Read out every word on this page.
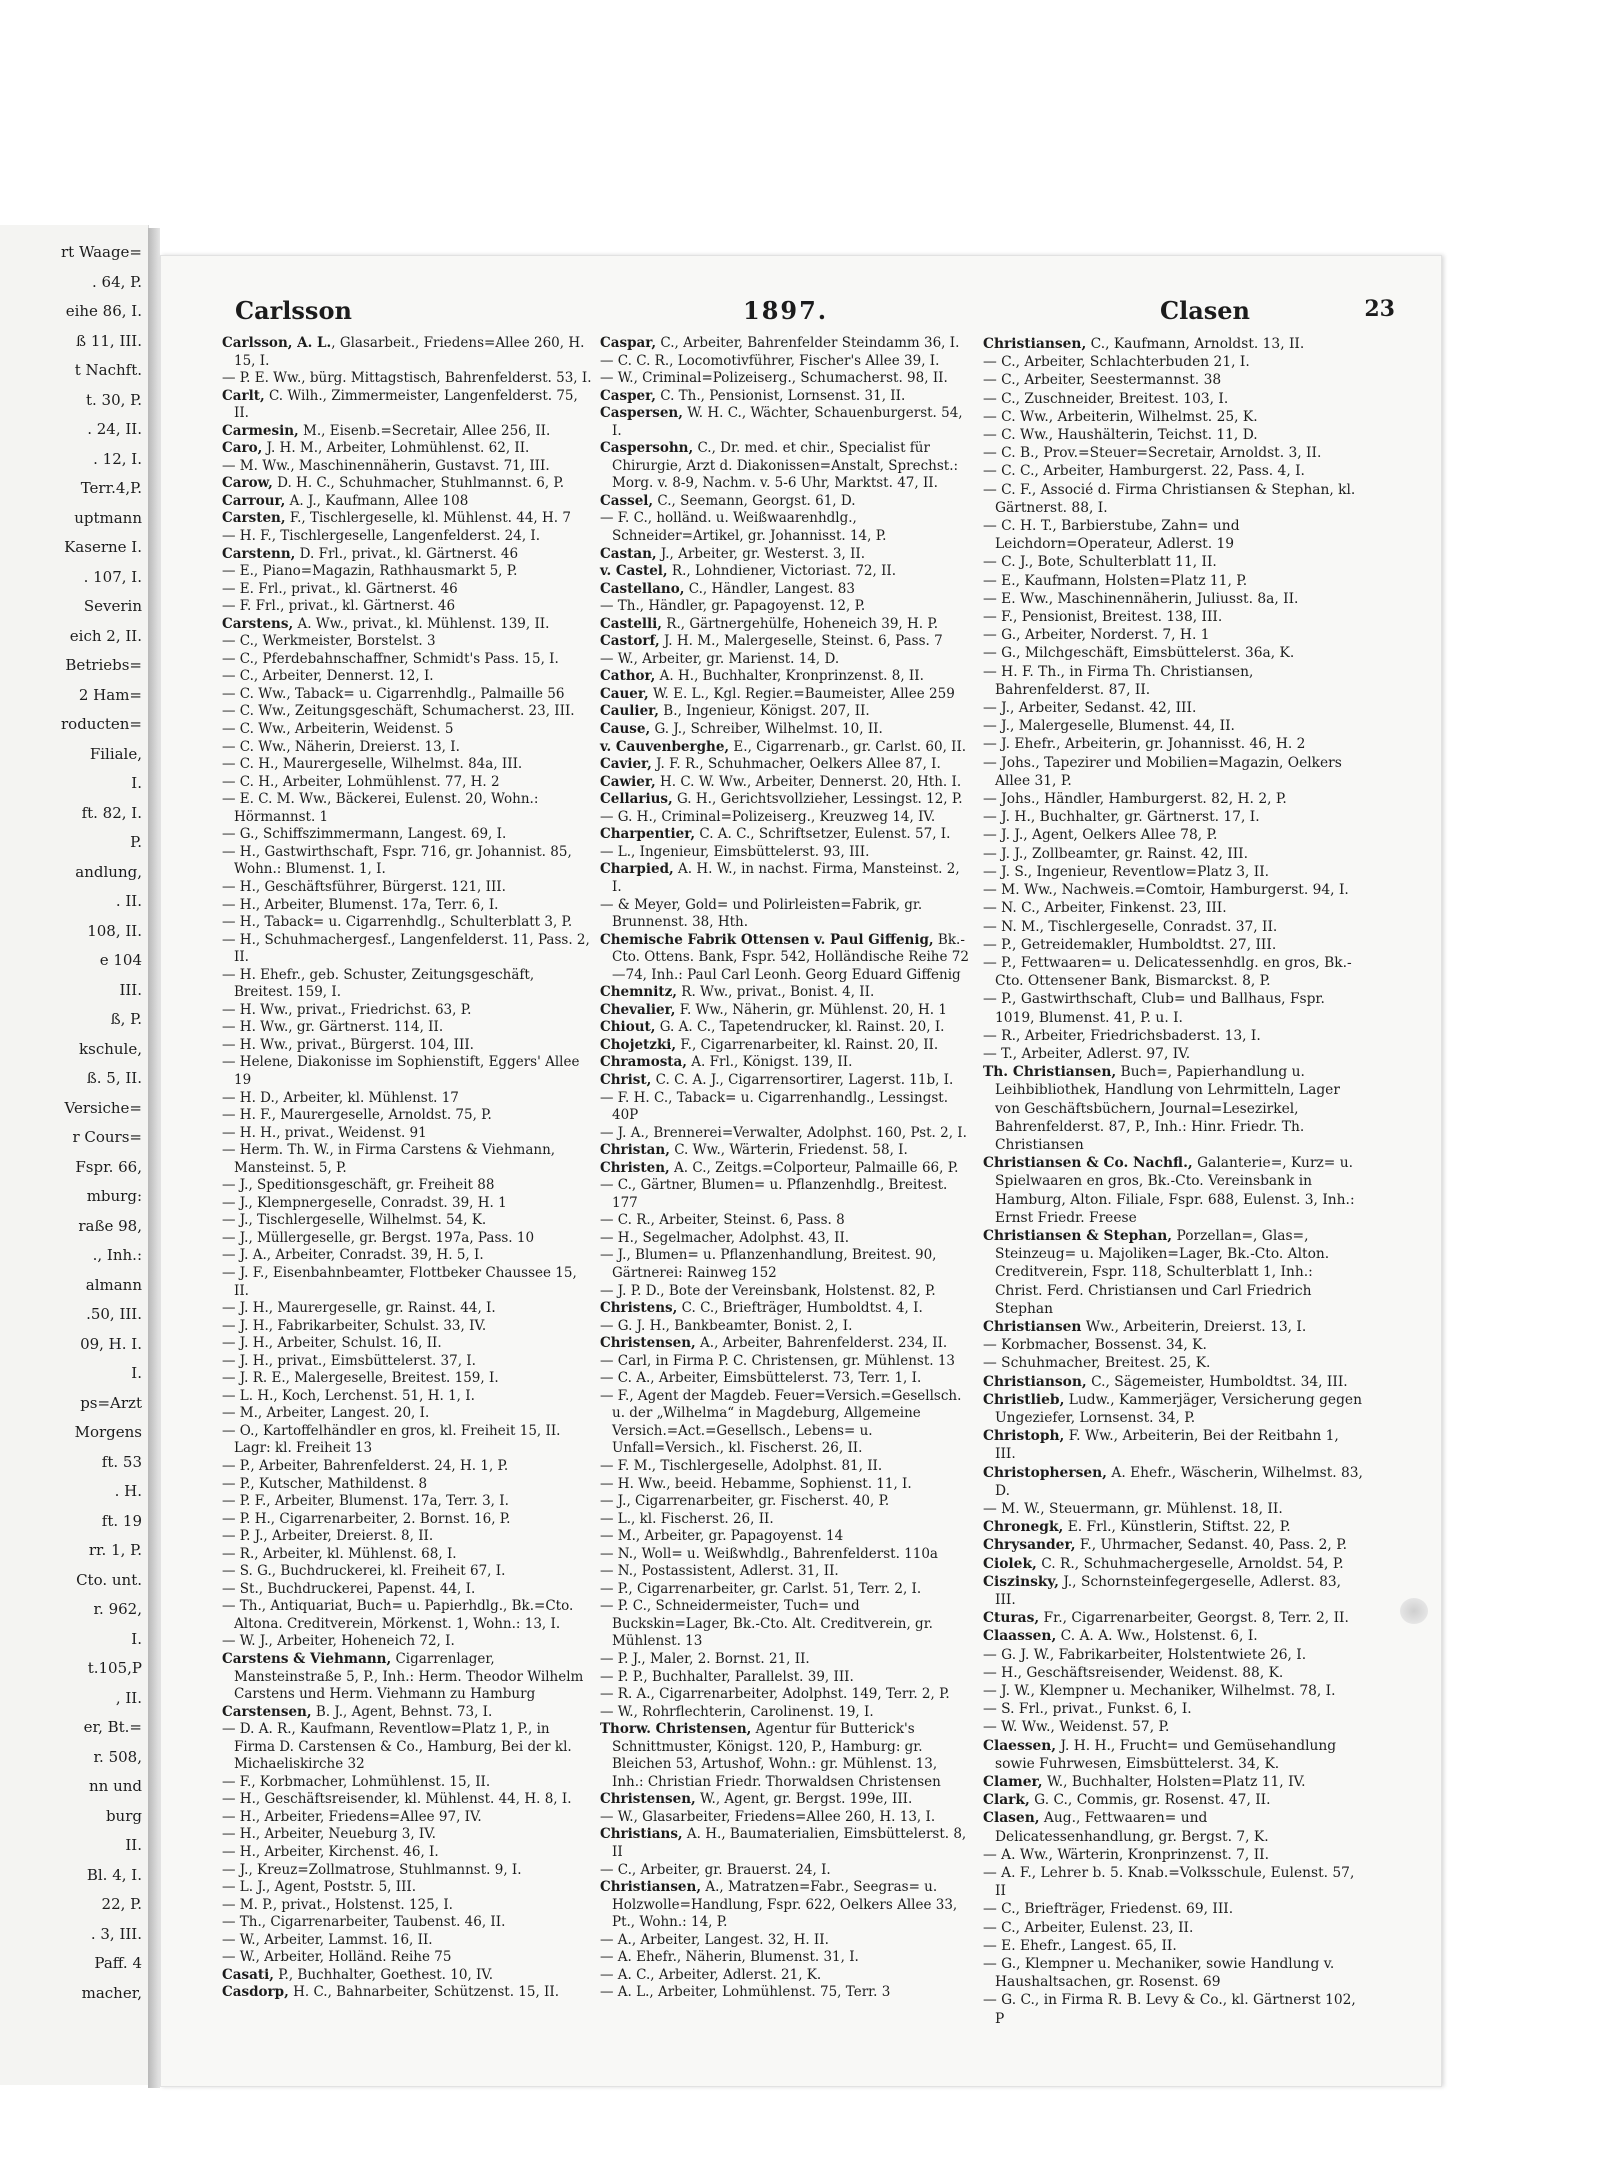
rt Waage=
. 64, P.
eihe 86, I.
ß 11, III.
t Nachft.
t. 30, P.
. 24, II.
. 12, I.
Terr.4,P.
uptmann
Kaserne I.
. 107, I.
Severin
eich 2, II.
Betriebs=
2 Ham=
roducten=
Filiale,
I.
ft. 82, I.
P.
andlung,
. II.
108, II.
e 104
III.
ß, P.
kschule,
ß. 5, II.
Versiche=
r Cours=
Fspr. 66,
mburg:
raße 98,
., Inh.:
almann
.50, III.
09, H. I.
I.
ps=Arzt
Morgens
ft. 53
. H.
ft. 19
rr. 1, P.
Cto. unt.
r. 962,
I.
t.105,P
, II.
er, Bt.=
r. 508,
nn und
burg
II.
Bl. 4, I.
22, P.
. 3, III.
Paff. 4
macher,
Carlsson	1897.	Clasen	23
Carlsson, A. L., Glasarbeit., Friedens=Allee 260, H. 15, I.
— P. E. Ww., bürg. Mittagstisch, Bahrenfelderst. 53, I.
Carlt, C. Wilh., Zimmermeister, Langenfelderst. 75, II.
Carmesin, M., Eisenb.=Secretair, Allee 256, II.
Caro, J. H. M., Arbeiter, Lohmühlenst. 62, II.
— M. Ww., Maschinennäherin, Gustavst. 71, III.
Carow, D. H. C., Schuhmacher, Stuhlmannst. 6, P.
Carrour, A. J., Kaufmann, Allee 108
Carsten, F., Tischlergeselle, kl. Mühlenst. 44, H. 7
— H. F., Tischlergeselle, Langenfelderst. 24, I.
Carstenn, D. Frl., privat., kl. Gärtnerst. 46
— E., Piano=Magazin, Rathhausmarkt 5, P.
— E. Frl., privat., kl. Gärtnerst. 46
— F. Frl., privat., kl. Gärtnerst. 46
Carstens, A. Ww., privat., kl. Mühlenst. 139, II.
— C., Werkmeister, Borstelst. 3
— C., Pferdebahnschaffner, Schmidt's Pass. 15, I.
— C., Arbeiter, Dennerst. 12, I.
— C. Ww., Taback= u. Cigarrenhdlg., Palmaille 56
— C. Ww., Zeitungsgeschäft, Schumacherst. 23, III.
— C. Ww., Arbeiterin, Weidenst. 5
— C. Ww., Näherin, Dreierst. 13, I.
— C. H., Maurergeselle, Wilhelmst. 84a, III.
— C. H., Arbeiter, Lohmühlenst. 77, H. 2
— E. C. M. Ww., Bäckerei, Eulenst. 20, Wohn.: Hörmannst. 1
— G., Schiffszimmermann, Langest. 69, I.
— H., Gastwirthschaft, Fspr. 716, gr. Johannist. 85, Wohn.: Blumenst. 1, I.
— H., Geschäftsführer, Bürgerst. 121, III.
— H., Arbeiter, Blumenst. 17a, Terr. 6, I.
— H., Taback= u. Cigarrenhdlg., Schulterblatt 3, P.
— H., Schuhmachergesf., Langenfelderst. 11, Pass. 2, II.
— H. Ehefr., geb. Schuster, Zeitungsgeschäft, Breitest. 159, I.
— H. Ww., privat., Friedrichst. 63, P.
— H. Ww., gr. Gärtnerst. 114, II.
— H. Ww., privat., Bürgerst. 104, III.
— Helene, Diakonisse im Sophienstift, Eggers' Allee 19
— H. D., Arbeiter, kl. Mühlenst. 17
— H. F., Maurergeselle, Arnoldst. 75, P.
— H. H., privat., Weidenst. 91
— Herm. Th. W., in Firma Carstens & Viehmann, Mansteinst. 5, P.
— J., Speditionsgeschäft, gr. Freiheit 88
— J., Klempnergeselle, Conradst. 39, H. 1
— J., Tischlergeselle, Wilhelmst. 54, K.
— J., Müllergeselle, gr. Bergst. 197a, Pass. 10
— J. A., Arbeiter, Conradst. 39, H. 5, I.
— J. F., Eisenbahnbeamter, Flottbeker Chaussee 15, II.
— J. H., Maurergeselle, gr. Rainst. 44, I.
— J. H., Fabrikarbeiter, Schulst. 33, IV.
— J. H., Arbeiter, Schulst. 16, II.
— J. H., privat., Eimsbüttelerst. 37, I.
— J. R. E., Malergeselle, Breitest. 159, I.
— L. H., Koch, Lerchenst. 51, H. 1, I.
— M., Arbeiter, Langest. 20, I.
— O., Kartoffelhändler en gros, kl. Freiheit 15, II. Lagr: kl. Freiheit 13
— P., Arbeiter, Bahrenfelderst. 24, H. 1, P.
— P., Kutscher, Mathildenst. 8
— P. F., Arbeiter, Blumenst. 17a, Terr. 3, I.
— P. H., Cigarrenarbeiter, 2. Bornst. 16, P.
— P. J., Arbeiter, Dreierst. 8, II.
— R., Arbeiter, kl. Mühlenst. 68, I.
— S. G., Buchdruckerei, kl. Freiheit 67, I.
— St., Buchdruckerei, Papenst. 44, I.
— Th., Antiquariat, Buch= u. Papierhdlg., Bk.=Cto. Altona. Creditverein, Mörkenst. 1, Wohn.: 13, I.
— W. J., Arbeiter, Hoheneich 72, I.
Carstens & Viehmann, Cigarrenlager, Mansteinstraße 5, P., Inh.: Herm. Theodor Wilhelm Carstens und Herm. Viehmann zu Hamburg
Carstensen, B. J., Agent, Behnst. 73, I.
— D. A. R., Kaufmann, Reventlow=Platz 1, P., in Firma D. Carstensen & Co., Hamburg, Bei der kl. Michaeliskirche 32
— F., Korbmacher, Lohmühlenst. 15, II.
— H., Geschäftsreisender, kl. Mühlenst. 44, H. 8, I.
— H., Arbeiter, Friedens=Allee 97, IV.
— H., Arbeiter, Neueburg 3, IV.
— H., Arbeiter, Kirchenst. 46, I.
— J., Kreuz=Zollmatrose, Stuhlmannst. 9, I.
— L. J., Agent, Poststr. 5, III.
— M. P., privat., Holstenst. 125, I.
— Th., Cigarrenarbeiter, Taubenst. 46, II.
— W., Arbeiter, Lammst. 16, II.
— W., Arbeiter, Holländ. Reihe 75
Casati, P., Buchhalter, Goethest. 10, IV.
Casdorp, H. C., Bahnarbeiter, Schützenst. 15, II.
Caspar, C., Arbeiter, Bahrenfelder Steindamm 36, I.
— C. C. R., Locomotivführer, Fischer's Allee 39, I.
— W., Criminal=Polizeiserg., Schumacherst. 98, II.
Casper, C. Th., Pensionist, Lornsenst. 31, II.
Caspersen, W. H. C., Wächter, Schauenburgerst. 54, I.
Caspersohn, C., Dr. med. et chir., Specialist für Chirurgie, Arzt d. Diakonissen=Anstalt, Sprechst.: Morg. v. 8-9, Nachm. v. 5-6 Uhr, Marktst. 47, II.
Cassel, C., Seemann, Georgst. 61, D.
— F. C., holländ. u. Weißwaarenhdlg., Schneider=Artikel, gr. Johannisst. 14, P.
Castan, J., Arbeiter, gr. Westerst. 3, II.
v. Castel, R., Lohndiener, Victoriast. 72, II.
Castellano, C., Händler, Langest. 83
— Th., Händler, gr. Papagoyenst. 12, P.
Castelli, R., Gärtnergehülfe, Hoheneich 39, H. P.
Castorf, J. H. M., Malergeselle, Steinst. 6, Pass. 7
— W., Arbeiter, gr. Marienst. 14, D.
Cathor, A. H., Buchhalter, Kronprinzenst. 8, II.
Cauer, W. E. L., Kgl. Regier.=Baumeister, Allee 259
Caulier, B., Ingenieur, Königst. 207, II.
Cause, G. J., Schreiber, Wilhelmst. 10, II.
v. Cauvenberghe, E., Cigarrenarb., gr. Carlst. 60, II.
Cavier, J. F. R., Schuhmacher, Oelkers Allee 87, I.
Cawier, H. C. W. Ww., Arbeiter, Dennerst. 20, Hth. I.
Cellarius, G. H., Gerichtsvollzieher, Lessingst. 12, P.
— G. H., Criminal=Polizeiserg., Kreuzweg 14, IV.
Charpentier, C. A. C., Schriftsetzer, Eulenst. 57, I.
— L., Ingenieur, Eimsbüttelerst. 93, III.
Charpied, A. H. W., in nachst. Firma, Mansteinst. 2, I.
— & Meyer, Gold= und Polirleisten=Fabrik, gr. Brunnenst. 38, Hth.
Chemische Fabrik Ottensen v. Paul Giffenig, Bk.-Cto. Ottens. Bank, Fspr. 542, Holländische Reihe 72—74, Inh.: Paul Carl Leonh. Georg Eduard Giffenig
Chemnitz, R. Ww., privat., Bonist. 4, II.
Chevalier, F. Ww., Näherin, gr. Mühlenst. 20, H. 1
Chiout, G. A. C., Tapetendrucker, kl. Rainst. 20, I.
Chojetzki, F., Cigarrenarbeiter, kl. Rainst. 20, II.
Chramosta, A. Frl., Königst. 139, II.
Christ, C. C. A. J., Cigarrensortirer, Lagerst. 11b, I.
— F. H. C., Taback= u. Cigarrenhandlg., Lessingst. 40P
— J. A., Brennerei=Verwalter, Adolphst. 160, Pst. 2, I.
Christan, C. Ww., Wärterin, Friedenst. 58, I.
Christen, A. C., Zeitgs.=Colporteur, Palmaille 66, P.
— C., Gärtner, Blumen= u. Pflanzenhdlg., Breitest. 177
— C. R., Arbeiter, Steinst. 6, Pass. 8
— H., Segelmacher, Adolphst. 43, II.
— J., Blumen= u. Pflanzenhandlung, Breitest. 90, Gärtnerei: Rainweg 152
— J. P. D., Bote der Vereinsbank, Holstenst. 82, P.
Christens, C. C., Briefträger, Humboldtst. 4, I.
— G. J. H., Bankbeamter, Bonist. 2, I.
Christensen, A., Arbeiter, Bahrenfelderst. 234, II.
— Carl, in Firma P. C. Christensen, gr. Mühlenst. 13
— C. A., Arbeiter, Eimsbüttelerst. 73, Terr. 1, I.
— F., Agent der Magdeb. Feuer=Versich.=Gesellsch. u. der „Wilhelma“ in Magdeburg, Allgemeine Versich.=Act.=Gesellsch., Lebens= u. Unfall=Versich., kl. Fischerst. 26, II.
— F. M., Tischlergeselle, Adolphst. 81, II.
— H. Ww., beeid. Hebamme, Sophienst. 11, I.
— J., Cigarrenarbeiter, gr. Fischerst. 40, P.
— L., kl. Fischerst. 26, II.
— M., Arbeiter, gr. Papagoyenst. 14
— N., Woll= u. Weißwhdlg., Bahrenfelderst. 110a
— N., Postassistent, Adlerst. 31, II.
— P., Cigarrenarbeiter, gr. Carlst. 51, Terr. 2, I.
— P. C., Schneidermeister, Tuch= und Buckskin=Lager, Bk.-Cto. Alt. Creditverein, gr. Mühlenst. 13
— P. J., Maler, 2. Bornst. 21, II.
— P. P., Buchhalter, Parallelst. 39, III.
— R. A., Cigarrenarbeiter, Adolphst. 149, Terr. 2, P.
— W., Rohrflechterin, Carolinenst. 19, I.
Thorw. Christensen, Agentur für Butterick's Schnittmuster, Königst. 120, P., Hamburg: gr. Bleichen 53, Artushof, Wohn.: gr. Mühlenst. 13, Inh.: Christian Friedr. Thorwaldsen Christensen
Christensen, W., Agent, gr. Bergst. 199e, III.
— W., Glasarbeiter, Friedens=Allee 260, H. 13, I.
Christians, A. H., Baumaterialien, Eimsbüttelerst. 8, II
— C., Arbeiter, gr. Brauerst. 24, I.
Christiansen, A., Matratzen=Fabr., Seegras= u. Holzwolle=Handlung, Fspr. 622, Oelkers Allee 33, Pt., Wohn.: 14, P.
— A., Arbeiter, Langest. 32, H. II.
— A. Ehefr., Näherin, Blumenst. 31, I.
— A. C., Arbeiter, Adlerst. 21, K.
— A. L., Arbeiter, Lohmühlenst. 75, Terr. 3
Christiansen, C., Kaufmann, Arnoldst. 13, II.
— C., Arbeiter, Schlachterbuden 21, I.
— C., Arbeiter, Seestermannst. 38
— C., Zuschneider, Breitest. 103, I.
— C. Ww., Arbeiterin, Wilhelmst. 25, K.
— C. Ww., Haushälterin, Teichst. 11, D.
— C. B., Prov.=Steuer=Secretair, Arnoldst. 3, II.
— C. C., Arbeiter, Hamburgerst. 22, Pass. 4, I.
— C. F., Associé d. Firma Christiansen & Stephan, kl. Gärtnerst. 88, I.
— C. H. T., Barbierstube, Zahn= und Leichdorn=Operateur, Adlerst. 19
— C. J., Bote, Schulterblatt 11, II.
— E., Kaufmann, Holsten=Platz 11, P.
— E. Ww., Maschinennäherin, Juliusst. 8a, II.
— F., Pensionist, Breitest. 138, III.
— G., Arbeiter, Norderst. 7, H. 1
— G., Milchgeschäft, Eimsbüttelerst. 36a, K.
— H. F. Th., in Firma Th. Christiansen, Bahrenfelderst. 87, II.
— J., Arbeiter, Sedanst. 42, III.
— J., Malergeselle, Blumenst. 44, II.
— J. Ehefr., Arbeiterin, gr. Johannisst. 46, H. 2
— Johs., Tapezirer und Mobilien=Magazin, Oelkers Allee 31, P.
— Johs., Händler, Hamburgerst. 82, H. 2, P.
— J. H., Buchhalter, gr. Gärtnerst. 17, I.
— J. J., Agent, Oelkers Allee 78, P.
— J. J., Zollbeamter, gr. Rainst. 42, III.
— J. S., Ingenieur, Reventlow=Platz 3, II.
— M. Ww., Nachweis.=Comtoir, Hamburgerst. 94, I.
— N. C., Arbeiter, Finkenst. 23, III.
— N. M., Tischlergeselle, Conradst. 37, II.
— P., Getreidemakler, Humboldtst. 27, III.
— P., Fettwaaren= u. Delicatessenhdlg. en gros, Bk.-Cto. Ottensener Bank, Bismarckst. 8, P.
— P., Gastwirthschaft, Club= und Ballhaus, Fspr. 1019, Blumenst. 41, P. u. I.
— R., Arbeiter, Friedrichsbaderst. 13, I.
— T., Arbeiter, Adlerst. 97, IV.
Th. Christiansen, Buch=, Papierhandlung u. Leihbibliothek, Handlung von Lehrmitteln, Lager von Geschäftsbüchern, Journal=Lesezirkel, Bahrenfelderst. 87, P., Inh.: Hinr. Friedr. Th. Christiansen
Christiansen & Co. Nachfl., Galanterie=, Kurz= u. Spielwaaren en gros, Bk.-Cto. Vereinsbank in Hamburg, Alton. Filiale, Fspr. 688, Eulenst. 3, Inh.: Ernst Friedr. Freese
Christiansen & Stephan, Porzellan=, Glas=, Steinzeug= u. Majoliken=Lager, Bk.-Cto. Alton. Creditverein, Fspr. 118, Schulterblatt 1, Inh.: Christ. Ferd. Christiansen und Carl Friedrich Stephan
Christiansen Ww., Arbeiterin, Dreierst. 13, I.
— Korbmacher, Bossenst. 34, K.
— Schuhmacher, Breitest. 25, K.
Christianson, C., Sägemeister, Humboldtst. 34, III.
Christlieb, Ludw., Kammerjäger, Versicherung gegen Ungeziefer, Lornsenst. 34, P.
Christoph, F. Ww., Arbeiterin, Bei der Reitbahn 1, III.
Christophersen, A. Ehefr., Wäscherin, Wilhelmst. 83, D.
— M. W., Steuermann, gr. Mühlenst. 18, II.
Chronegk, E. Frl., Künstlerin, Stiftst. 22, P.
Chrysander, F., Uhrmacher, Sedanst. 40, Pass. 2, P.
Ciolek, C. R., Schuhmachergeselle, Arnoldst. 54, P.
Ciszinsky, J., Schornsteinfegergeselle, Adlerst. 83, III.
Cturas, Fr., Cigarrenarbeiter, Georgst. 8, Terr. 2, II.
Claassen, C. A. A. Ww., Holstenst. 6, I.
— G. J. W., Fabrikarbeiter, Holstentwiete 26, I.
— H., Geschäftsreisender, Weidenst. 88, K.
— J. W., Klempner u. Mechaniker, Wilhelmst. 78, I.
— S. Frl., privat., Funkst. 6, I.
— W. Ww., Weidenst. 57, P.
Claessen, J. H. H., Frucht= und Gemüsehandlung sowie Fuhrwesen, Eimsbüttelerst. 34, K.
Clamer, W., Buchhalter, Holsten=Platz 11, IV.
Clark, G. C., Commis, gr. Rosenst. 47, II.
Clasen, Aug., Fettwaaren= und Delicatessenhandlung, gr. Bergst. 7, K.
— A. Ww., Wärterin, Kronprinzenst. 7, II.
— A. F., Lehrer b. 5. Knab.=Volksschule, Eulenst. 57, II
— C., Briefträger, Friedenst. 69, III.
— C., Arbeiter, Eulenst. 23, II.
— E. Ehefr., Langest. 65, II.
— G., Klempner u. Mechaniker, sowie Handlung v. Haushaltsachen, gr. Rosenst. 69
— G. C., in Firma R. B. Levy & Co., kl. Gärtnerst 102, P
